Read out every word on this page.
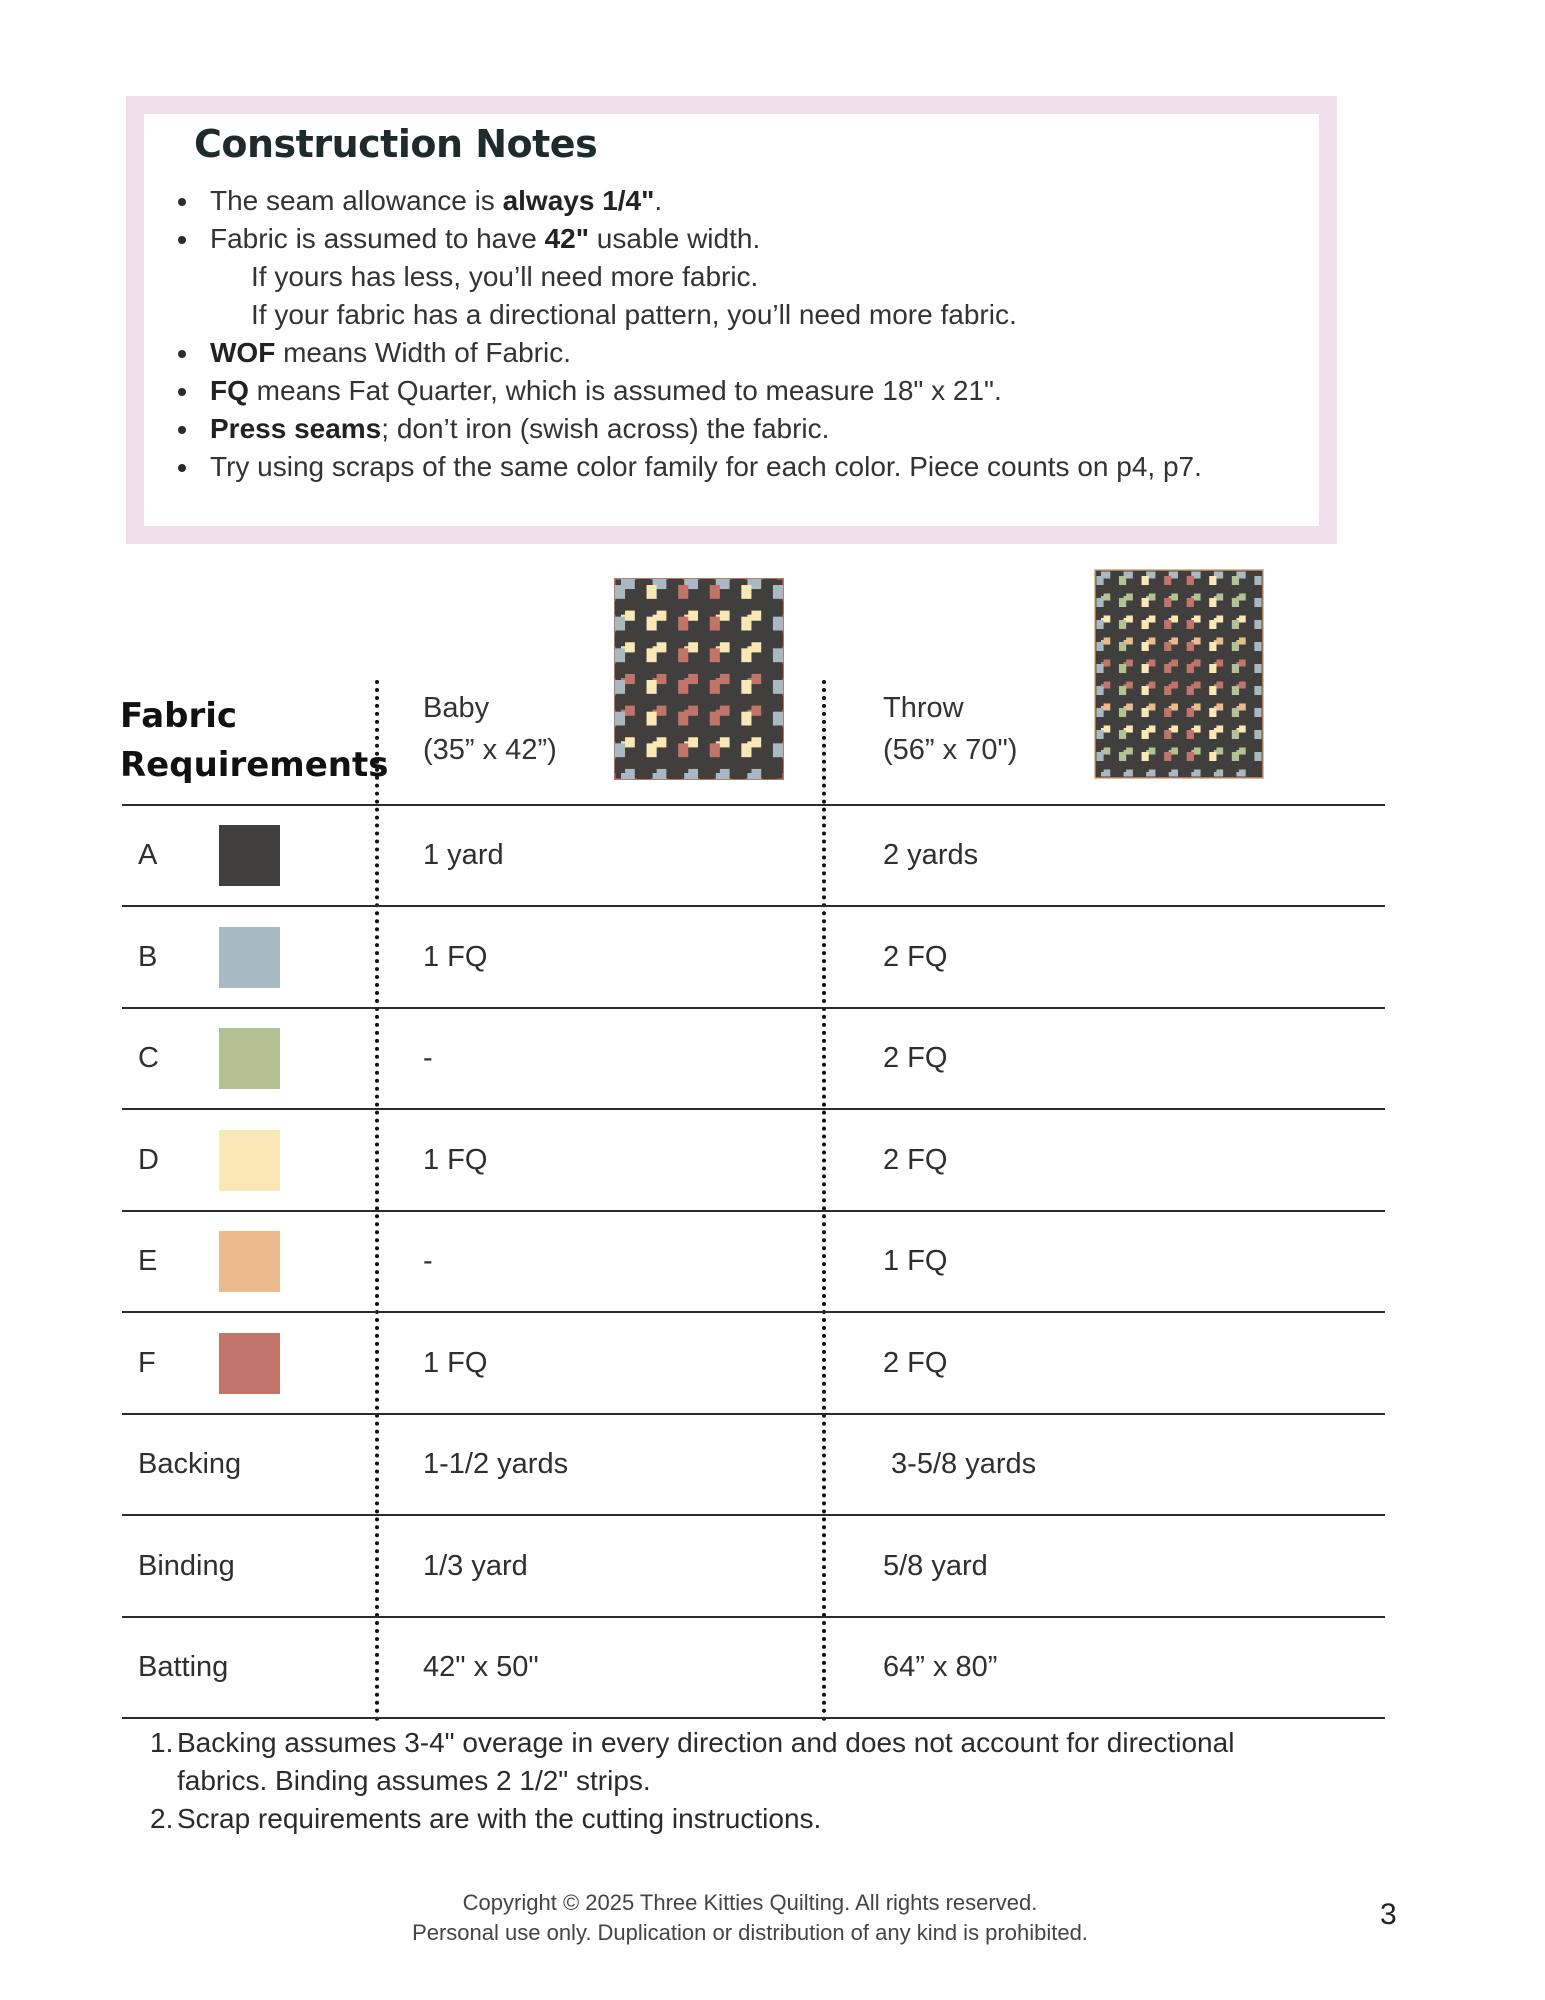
Construction Notes
The seam allowance is always 1/4".
Fabric is assumed to have 42" usable width.
If yours has less, you’ll need more fabric.
If your fabric has a directional pattern, you’ll need more fabric.
WOF means Width of Fabric.
FQ means Fat Quarter, which is assumed to measure 18" x 21".
Press seams; don’t iron (swish across) the fabric.
Try using scraps of the same color family for each color. Piece counts on p4, p7.
Fabric
Requirements
Baby
(35” x 42”)
Throw
(56” x 70")
A	1 yard	2 yards
B	1 FQ	2 FQ
C	-	2 FQ
D	1 FQ	2 FQ
E	-	1 FQ
F	1 FQ	2 FQ
Backing	1-1/2 yards	3-5/8 yards
Binding	1/3 yard	5/8 yard
Batting	42" x 50"	64” x 80”
1. Backing assumes 3-4" overage in every direction and does not account for directional
fabrics. Binding assumes 2 1/2" strips.
2. Scrap requirements are with the cutting instructions.
Copyright © 2025 Three Kitties Quilting. All rights reserved.
Personal use only. Duplication or distribution of any kind is prohibited.
3
